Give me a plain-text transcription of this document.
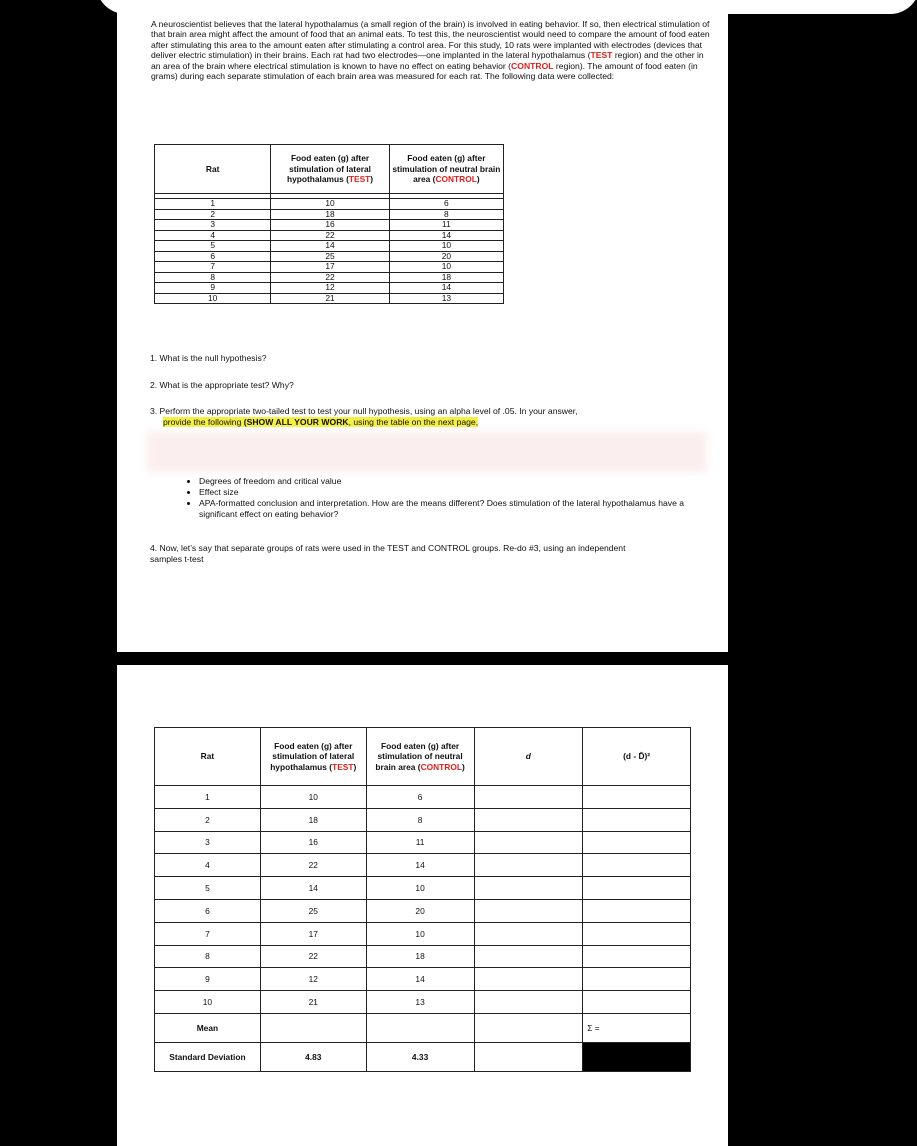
A neuroscientist believes that the lateral hypothalamus (a small region of the brain) is involved in eating behavior. If so, then electrical stimulation of that brain area might affect the amount of food that an animal eats. To test this, the neuroscientist would need to compare the amount of food eaten after stimulating this area to the amount eaten after stimulating a control area. For this study, 10 rats were implanted with electrodes (devices that deliver electric stimulation) in their brains. Each rat had two electrodes—one implanted in the lateral hypothalamus (TEST region) and the other in an area of the brain where electrical stimulation is known to have no effect on eating behavior (CONTROL region). The amount of food eaten (in grams) during each separate stimulation of each brain area was measured for each rat. The following data were collected:
Rat	Food eaten (g) after stimulation of lateral hypothalamus (TEST)	Food eaten (g) after stimulation of neutral brain area (CONTROL)

1	10	6
2	18	8
3	16	11
4	22	14
5	14	10
6	25	20
7	17	10
8	22	18
9	12	14
10	21	13
1. What is the null hypothesis?
2. What is the appropriate test? Why?
3. Perform the appropriate two-tailed test to test your null hypothesis, using an alpha level of .05. In your answer,
provide the following (SHOW ALL YOUR WORK, using the table on the next page,
• Degrees of freedom and critical value
• Effect size
• APA-formatted conclusion and interpretation. How are the means different? Does stimulation of the lateral hypothalamus have a significant effect on eating behavior?
4. Now, let’s say that separate groups of rats were used in the TEST and CONTROL groups. Re-do #3, using an independent samples t-test
Rat	Food eaten (g) after stimulation of lateral hypothalamus (TEST)	Food eaten (g) after stimulation of neutral brain area (CONTROL)	d	(d - D̄)²
1	10	6		
2	18	8		
3	16	11		
4	22	14		
5	14	10		
6	25	20		
7	17	10		
8	22	18		
9	12	14		
10	21	13		
Mean				Σ =
Standard Deviation	4.83	4.33		
